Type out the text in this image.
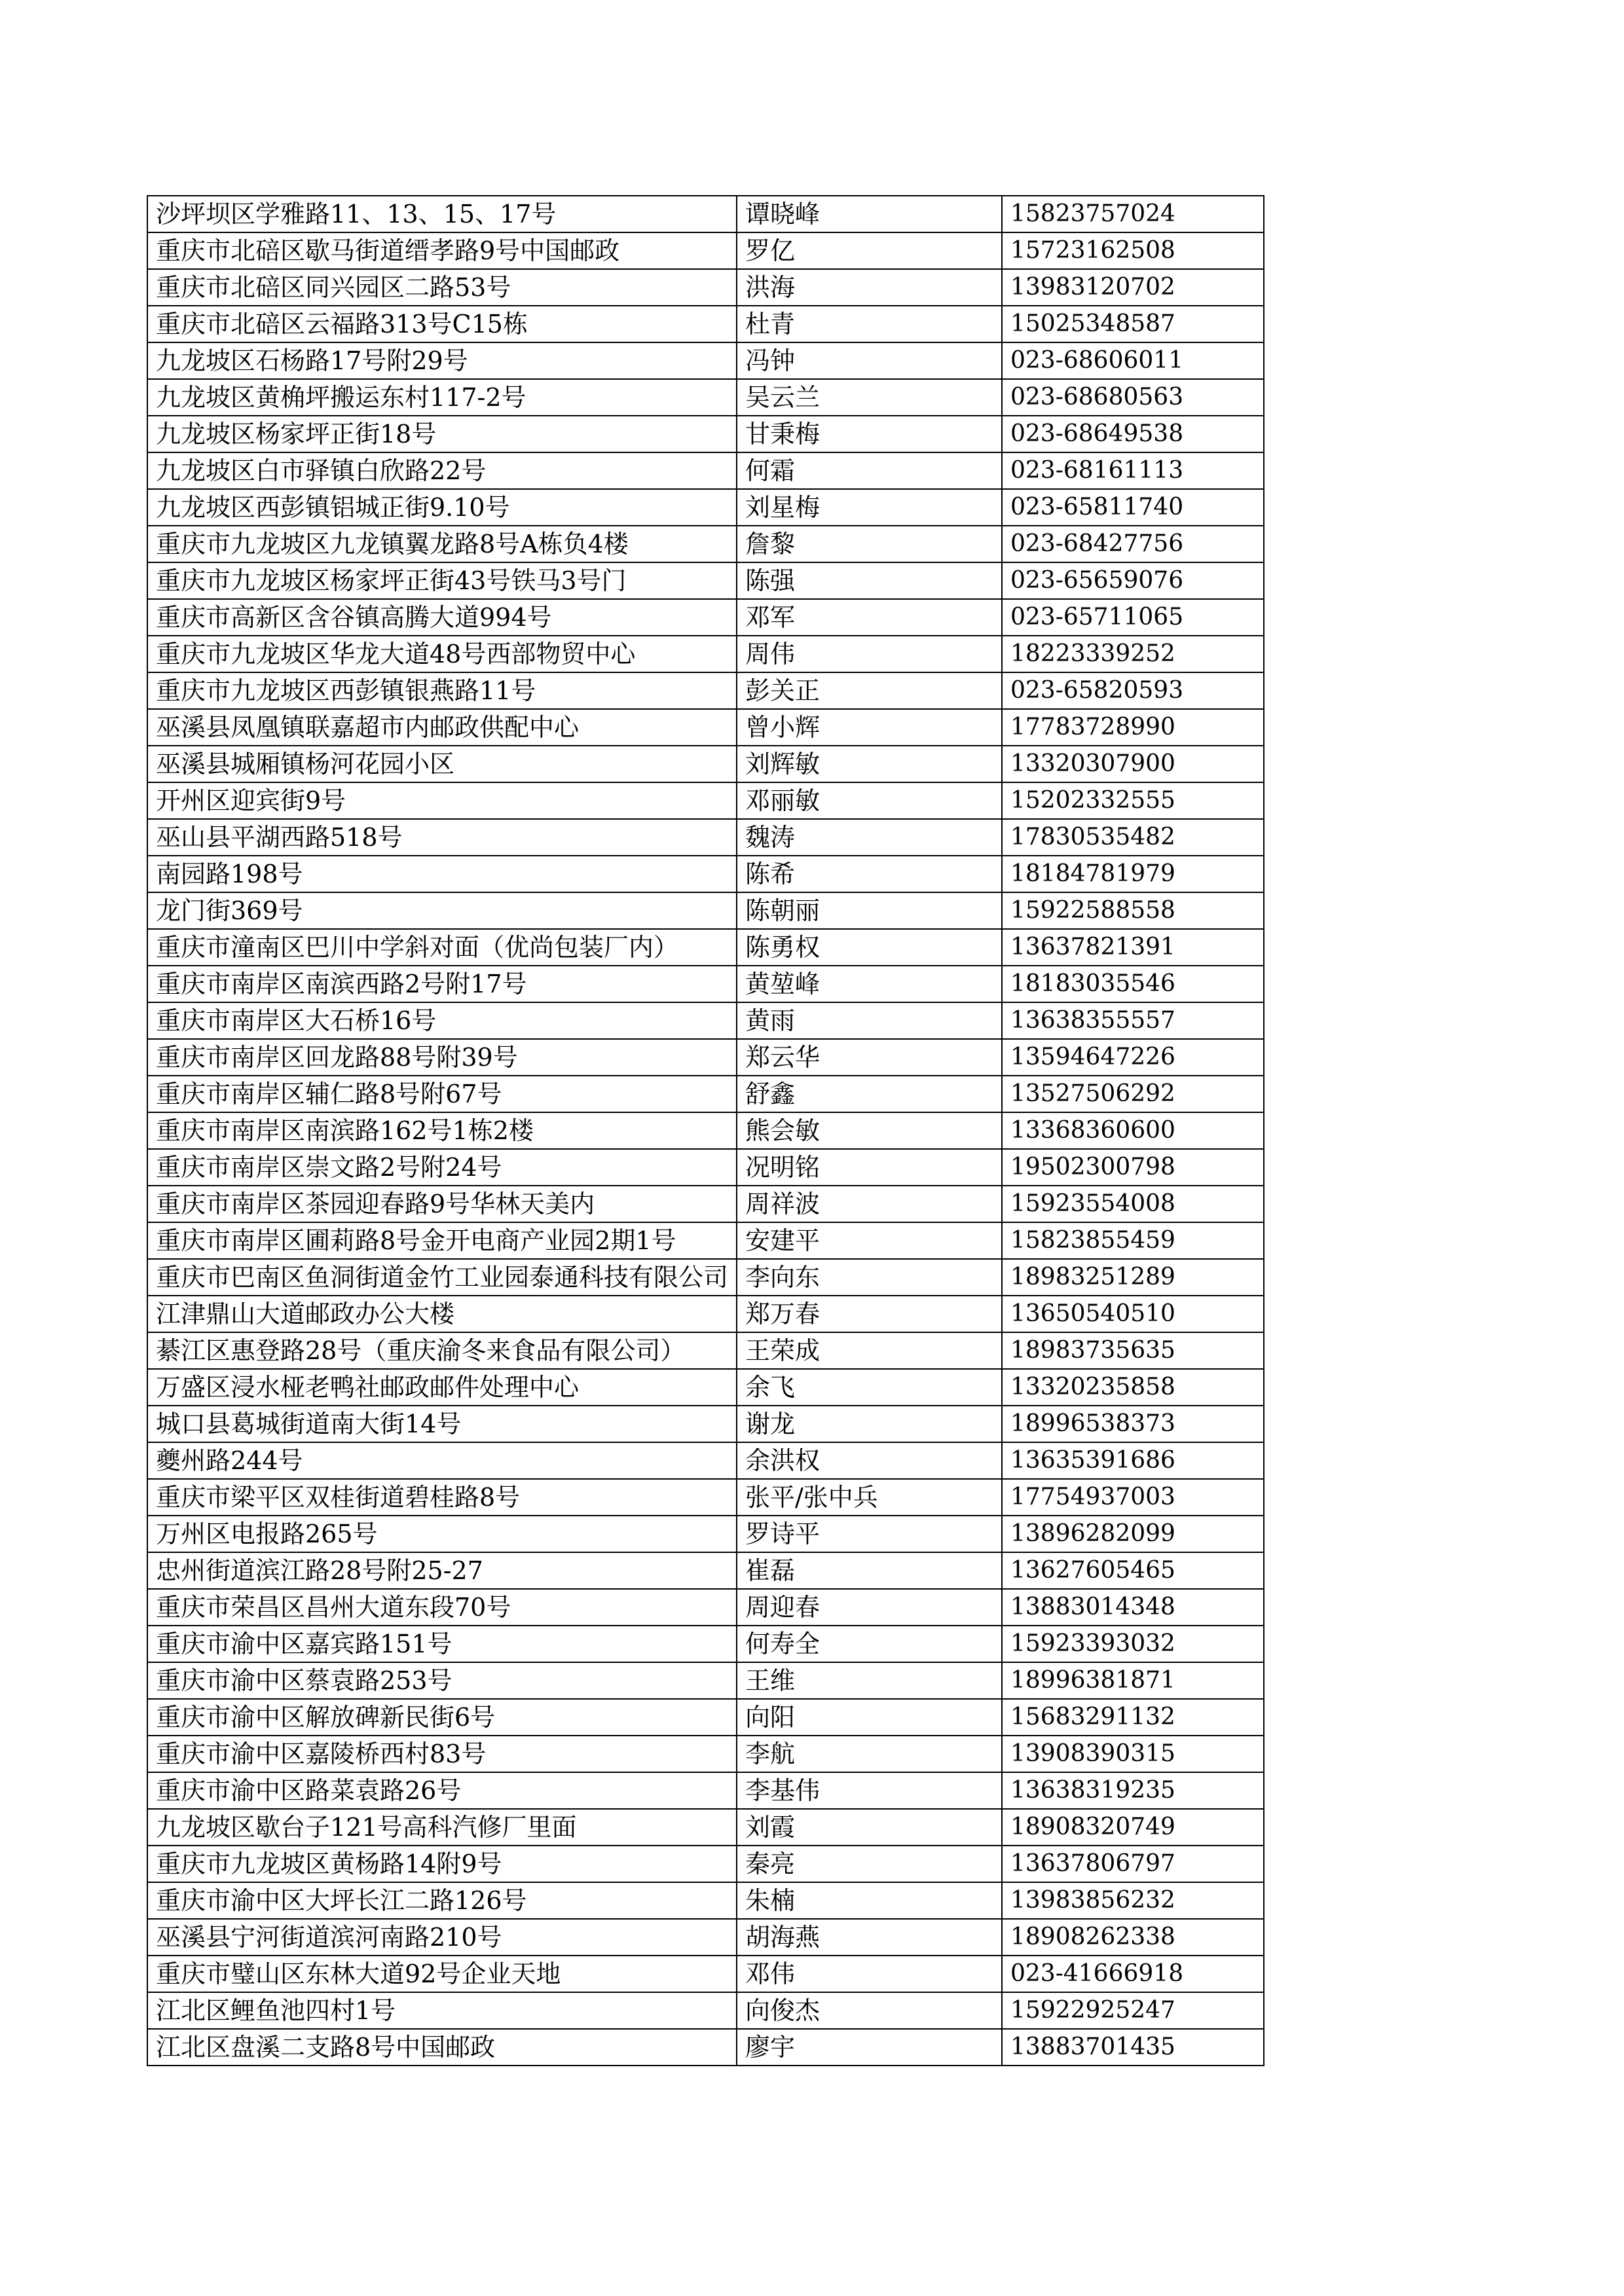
沙坪坝区学雅路11、13、15、17号	谭晓峰	15823757024
重庆市北碚区歇马街道缙孝路9号中国邮政	罗亿	15723162508
重庆市北碚区同兴园区二路53号	洪海	13983120702
重庆市北碚区云福路313号C15栋	杜青	15025348587
九龙坡区石杨路17号附29号	冯钟	023-68606011
九龙坡区黄桷坪搬运东村117-2号	吴云兰	023-68680563
九龙坡区杨家坪正街18号	甘秉梅	023-68649538
九龙坡区白市驿镇白欣路22号	何霜	023-68161113
九龙坡区西彭镇铝城正街9.10号	刘星梅	023-65811740
重庆市九龙坡区九龙镇翼龙路8号A栋负4楼	詹黎	023-68427756
重庆市九龙坡区杨家坪正街43号铁马3号门	陈强	023-65659076
重庆市高新区含谷镇高腾大道994号	邓军	023-65711065
重庆市九龙坡区华龙大道48号西部物贸中心	周伟	18223339252
重庆市九龙坡区西彭镇银燕路11号	彭关正	023-65820593
巫溪县凤凰镇联嘉超市内邮政供配中心	曾小辉	17783728990
巫溪县城厢镇杨河花园小区	刘辉敏	13320307900
开州区迎宾街9号	邓丽敏	15202332555
巫山县平湖西路518号	魏涛	17830535482
南园路198号	陈希	18184781979
龙门街369号	陈朝丽	15922588558
重庆市潼南区巴川中学斜对面（优尚包装厂内）	陈勇权	13637821391
重庆市南岸区南滨西路2号附17号	黄堃峰	18183035546
重庆市南岸区大石桥16号	黄雨	13638355557
重庆市南岸区回龙路88号附39号	郑云华	13594647226
重庆市南岸区辅仁路8号附67号	舒鑫	13527506292
重庆市南岸区南滨路162号1栋2楼	熊会敏	13368360600
重庆市南岸区崇文路2号附24号	况明铭	19502300798
重庆市南岸区茶园迎春路9号华林天美内	周祥波	15923554008
重庆市南岸区圃莉路8号金开电商产业园2期1号	安建平	15823855459
重庆市巴南区鱼洞街道金竹工业园泰通科技有限公司	李向东	18983251289
江津鼎山大道邮政办公大楼	郑万春	13650540510
綦江区惠登路28号（重庆渝冬来食品有限公司）	王荣成	18983735635
万盛区浸水桠老鸭社邮政邮件处理中心	余飞	13320235858
城口县葛城街道南大街14号	谢龙	18996538373
夔州路244号	余洪权	13635391686
重庆市梁平区双桂街道碧桂路8号	张平/张中兵	17754937003
万州区电报路265号	罗诗平	13896282099
忠州街道滨江路28号附25-27	崔磊	13627605465
重庆市荣昌区昌州大道东段70号	周迎春	13883014348
重庆市渝中区嘉宾路151号	何寿全	15923393032
重庆市渝中区蔡袁路253号	王维	18996381871
重庆市渝中区解放碑新民街6号	向阳	15683291132
重庆市渝中区嘉陵桥西村83号	李航	13908390315
重庆市渝中区路菜袁路26号	李基伟	13638319235
九龙坡区歇台子121号高科汽修厂里面	刘霞	18908320749
重庆市九龙坡区黄杨路14附9号	秦亮	13637806797
重庆市渝中区大坪长江二路126号	朱楠	13983856232
巫溪县宁河街道滨河南路210号	胡海燕	18908262338
重庆市璧山区东林大道92号企业天地	邓伟	023-41666918
江北区鲤鱼池四村1号	向俊杰	15922925247
江北区盘溪二支路8号中国邮政	廖宇	13883701435
